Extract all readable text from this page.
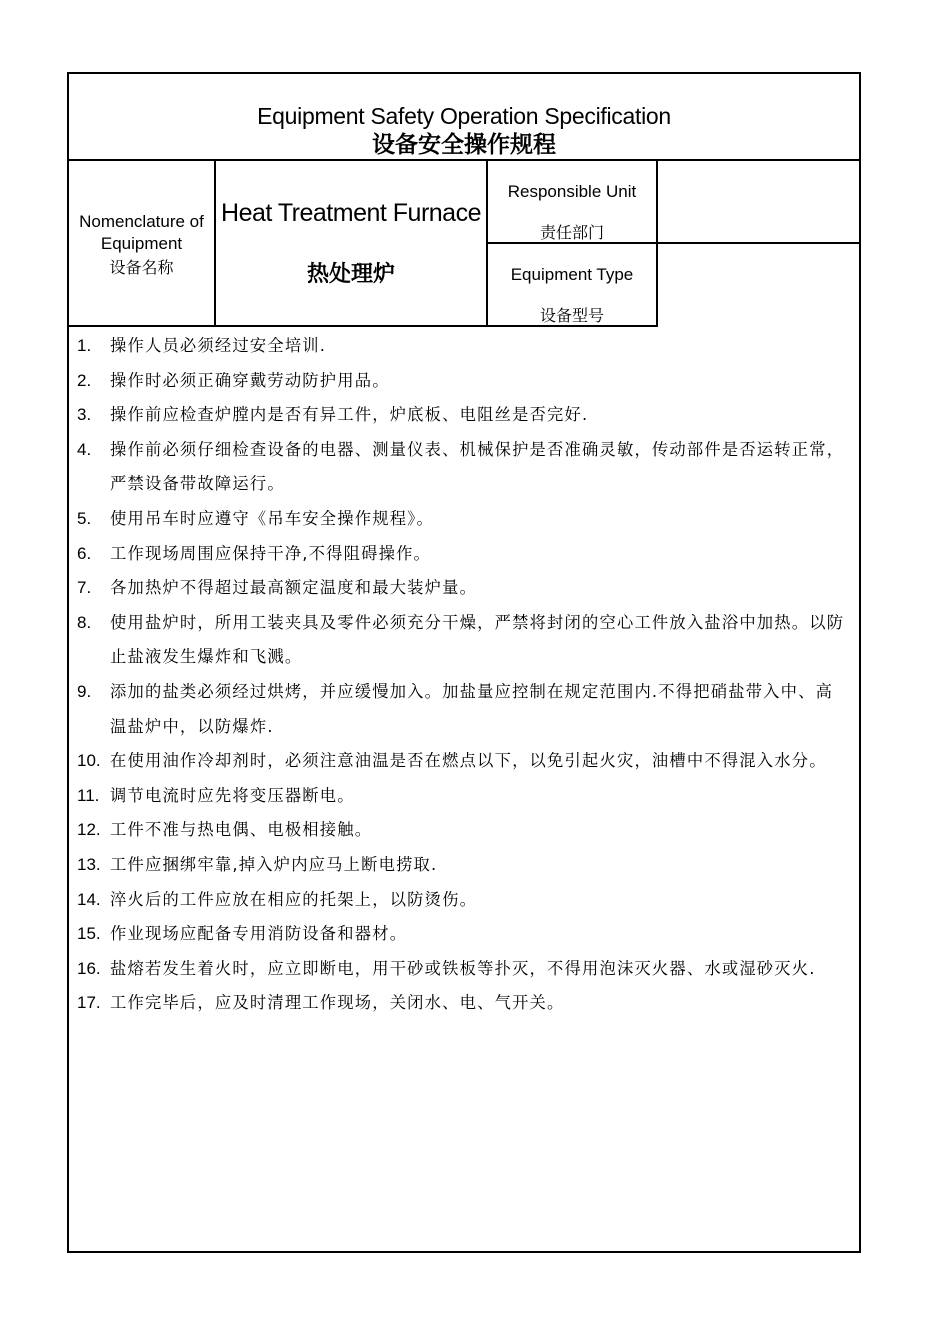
Equipment Safety Operation Specification
设备安全操作规程
Nomenclature of Equipment
设备名称
Heat Treatment Furnace
热处理炉
Responsible Unit
责任部门
Equipment Type
设备型号
1. 操作人员必须经过安全培训.
2. 操作时必须正确穿戴劳动防护用品。
3. 操作前应检查炉膛内是否有异工件，炉底板、电阻丝是否完好.
4. 操作前必须仔细检查设备的电器、测量仪表、机械保护是否准确灵敏，传动部件是否运转正常，严禁设备带故障运行。
5. 使用吊车时应遵守《吊车安全操作规程》。
6. 工作现场周围应保持干净,不得阻碍操作。
7. 各加热炉不得超过最高额定温度和最大装炉量。
8. 使用盐炉时，所用工装夹具及零件必须充分干燥，严禁将封闭的空心工件放入盐浴中加热。以防止盐液发生爆炸和飞溅。
9. 添加的盐类必须经过烘烤，并应缓慢加入。加盐量应控制在规定范围内.不得把硝盐带入中、高温盐炉中，以防爆炸.
10. 在使用油作冷却剂时，必须注意油温是否在燃点以下，以免引起火灾，油槽中不得混入水分。
11. 调节电流时应先将变压器断电。
12. 工件不准与热电偶、电极相接触。
13. 工件应捆绑牢靠,掉入炉内应马上断电捞取.
14. 淬火后的工件应放在相应的托架上，以防烫伤。
15. 作业现场应配备专用消防设备和器材。
16. 盐熔若发生着火时，应立即断电，用干砂或铁板等扑灭，不得用泡沫灭火器、水或湿砂灭火.
17. 工作完毕后，应及时清理工作现场，关闭水、电、气开关。
